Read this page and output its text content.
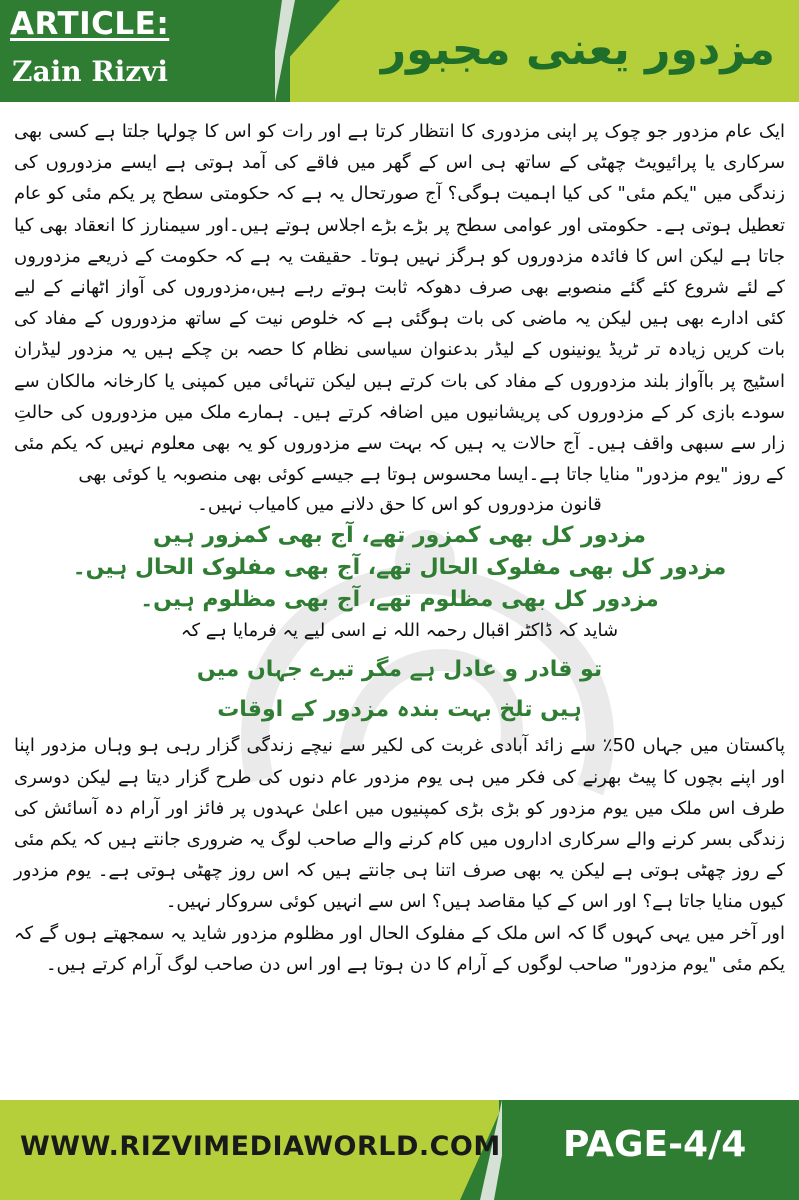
ARTICLE:
Zain Rizvi	مزدور یعنی مجبور

ایک عام مزدور جو چوک پر اپنی مزدوری کا انتظار کرتا ہے اور رات کو اس کا چولہا جلتا ہے کسی بھی سرکاری یا پرائیویٹ چھٹی کے ساتھ ہی اس کے گھر میں فاقے کی آمد ہوتی ہے ایسے مزدوروں کی زندگی میں "یکم مئی" کی کیا اہمیت ہوگی؟ آج صورتحال یہ ہے کہ حکومتی سطح پر یکم مئی کو عام تعطیل ہوتی ہے۔ حکومتی اور عوامی سطح پر بڑے بڑے اجلاس ہوتے ہیں۔اور سیمنارز کا انعقاد بھی کیا جاتا ہے لیکن اس کا فائدہ مزدوروں کو ہرگز نہیں ہوتا۔ حقیقت یہ ہے کہ حکومت کے ذریعے مزدوروں کے لئے شروع کئے گئے منصوبے بھی صرف دھوکہ ثابت ہوتے رہے ہیں،مزدوروں کی آواز اٹھانے کے لیے کئی ادارے بھی ہیں لیکن یہ ماضی کی بات ہوگئی ہے کہ خلوص نیت کے ساتھ مزدوروں کے مفاد کی بات کریں زیادہ تر ٹریڈ یونینوں کے لیڈر بدعنوان سیاسی نظام کا حصہ بن چکے ہیں یہ مزدور لیڈران اسٹیج پر باآواز بلند مزدوروں کے مفاد کی بات کرتے ہیں لیکن تنہائی میں کمپنی یا کارخانہ مالکان سے سودے بازی کر کے مزدوروں کی پریشانیوں میں اضافہ کرتے ہیں۔ ہمارے ملک میں مزدوروں کی حالتِ زار سے سبھی واقف ہیں۔ آج حالات یہ ہیں کہ بہت سے مزدوروں کو یہ بھی معلوم نہیں کہ یکم مئی کے روز "یوم مزدور" منایا جاتا ہے۔ایسا محسوس ہوتا ہے جیسے کوئی بھی منصوبہ یا کوئی بھی

قانون مزدوروں کو اس کا حق دلانے میں کامیاب نہیں۔

مزدور کل بھی کمزور تھے، آج بھی کمزور ہیں

مزدور کل بھی مفلوک الحال تھے، آج بھی مفلوک الحال ہیں۔

مزدور کل بھی مظلوم تھے، آج بھی مظلوم ہیں۔

شاید کہ ڈاکٹر اقبال رحمہ اللہ نے اسی لیے یہ فرمایا ہے کہ

تو قادر و عادل ہے مگر تیرے جہاں میں

ہیں تلخ بہت بندہ مزدور کے اوقات

پاکستان میں جہاں 50٪ سے زائد آبادی غربت کی لکیر سے نیچے زندگی گزار رہی ہو وہاں مزدور اپنا اور اپنے بچوں کا پیٹ بھرنے کی فکر میں ہی یوم مزدور عام دنوں کی طرح گزار دیتا ہے لیکن دوسری طرف اس ملک میں یوم مزدور کو بڑی بڑی کمپنیوں میں اعلیٰ عہدوں پر فائز اور آرام دہ آسائش کی زندگی بسر کرنے والے سرکاری اداروں میں کام کرنے والے صاحب لوگ یہ ضروری جانتے ہیں کہ یکم مئی کے روز چھٹی ہوتی ہے لیکن یہ بھی صرف اتنا ہی جانتے ہیں کہ اس روز چھٹی ہوتی ہے۔ یوم مزدور کیوں منایا جاتا ہے؟ اور اس کے کیا مقاصد ہیں؟ اس سے انہیں کوئی سروکار نہیں۔

اور آخر میں یہی کہوں گا کہ اس ملک کے مفلوک الحال اور مظلوم مزدور شاید یہ سمجھتے ہوں گے کہ یکم مئی "یوم مزدور" صاحب لوگوں کے آرام کا دن ہوتا ہے اور اس دن صاحب لوگ آرام کرتے ہیں۔

WWW.RIZVIMEDIAWORLD.COM PAGE-4/4
